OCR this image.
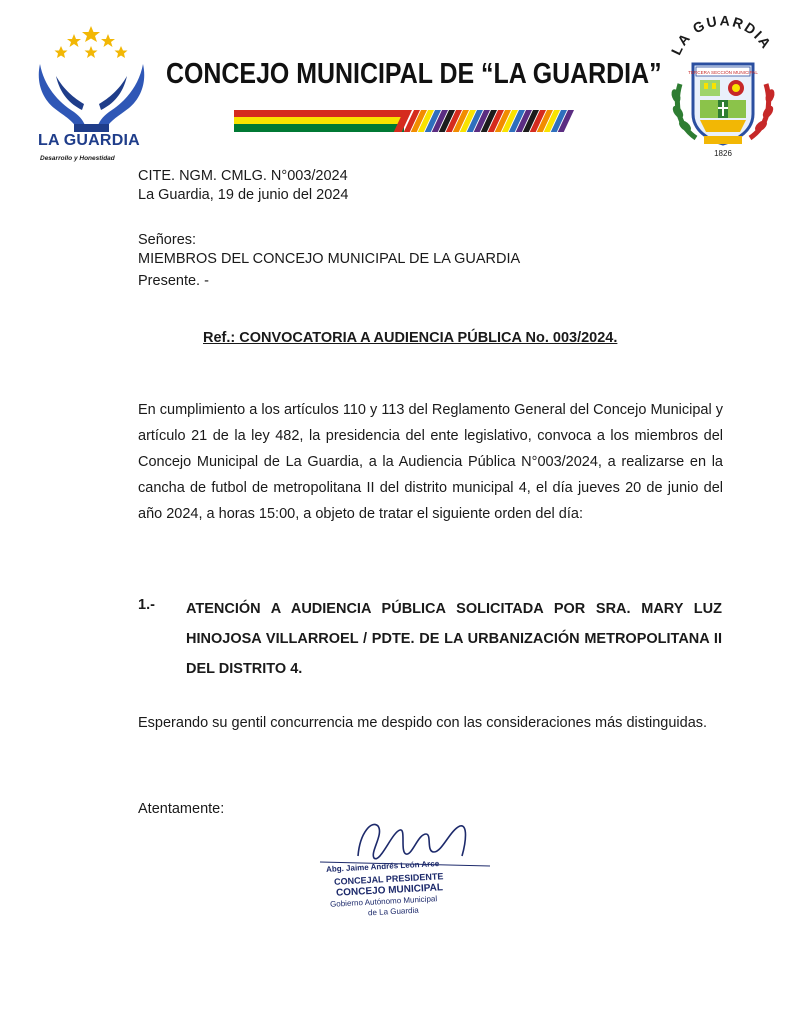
LA GUARDIA
Desarrollo y Honestidad
CONCEJO MUNICIPAL DE “LA GUARDIA”
LA GUARDIA
TERCERA SECCIÓN MUNICIPAL
1826
CITE. NGM. CMLG. N°003/2024
La Guardia, 19 de junio del 2024
Señores:
MIEMBROS DEL CONCEJO MUNICIPAL DE LA GUARDIA
Presente. -
Ref.: CONVOCATORIA A AUDIENCIA PÚBLICA No. 003/2024.
En cumplimiento a los artículos 110 y 113 del Reglamento General del Concejo Municipal y artículo 21 de la ley 482, la presidencia del ente legislativo, convoca a los miembros del Concejo Municipal de La Guardia, a la Audiencia Pública N°003/2024, a realizarse en la cancha de futbol de metropolitana II del distrito municipal 4, el día jueves 20 de junio del año 2024, a horas 15:00, a objeto de tratar el siguiente orden del día:
1.- ATENCIÓN A AUDIENCIA PÚBLICA SOLICITADA POR SRA. MARY LUZ HINOJOSA VILLARROEL / PDTE. DE LA URBANIZACIÓN METROPOLITANA II DEL DISTRITO 4.
Esperando su gentil concurrencia me despido con las consideraciones más distinguidas.
Atentamente:
Abg. Jaime Andrés León Arce
CONCEJAL PRESIDENTE
CONCEJO MUNICIPAL
Gobierno Autónomo Municipal
de La Guardia
